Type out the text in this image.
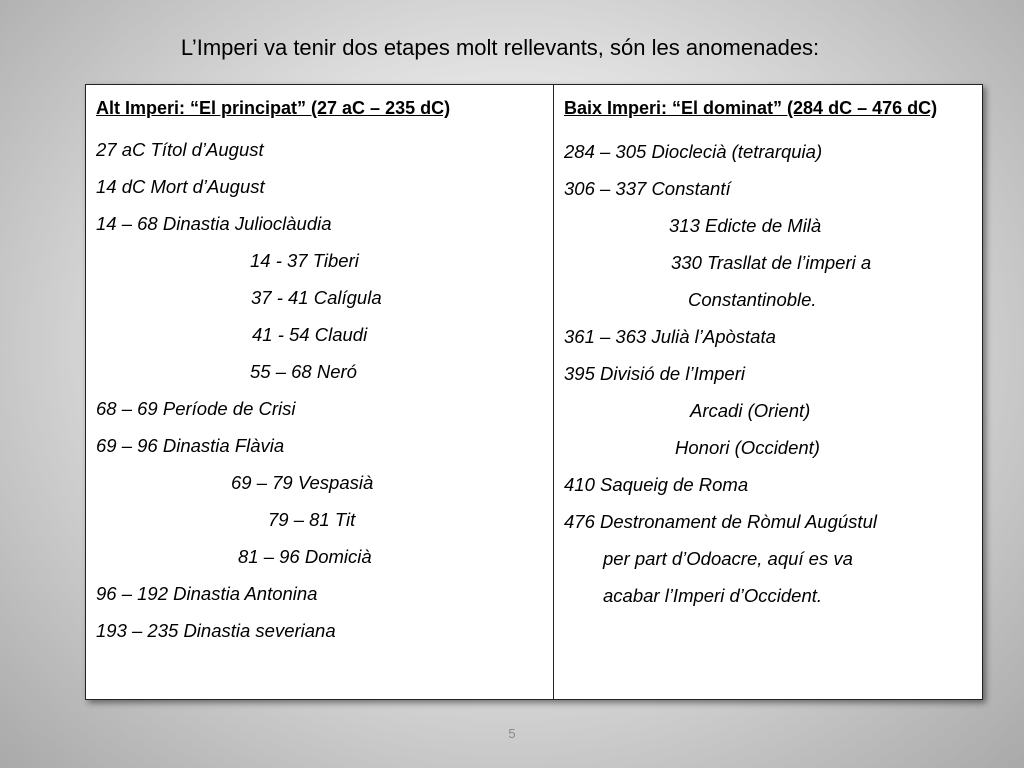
L’Imperi va tenir dos etapes molt rellevants, són les anomenades:
Alt Imperi: “El principat” (27 aC – 235 dC)
27 aC Títol d’August
14 dC Mort d’August
14 – 68 Dinastia Julioclàudia
14 - 37 Tiberi
37 - 41 Calígula
41 - 54 Claudi
55 – 68 Neró
68 – 69 Període de Crisi
69 – 96 Dinastia Flàvia
69 – 79 Vespasià
79 – 81 Tit
81 – 96 Domicià
96 – 192 Dinastia Antonina
193 – 235 Dinastia severiana
Baix Imperi: “El dominat” (284 dC – 476 dC)
284 – 305 Dioclecià (tetrarquia)
306 – 337 Constantí
313 Edicte de Milà
330 Trasllat de l’imperi a
Constantinoble.
361 – 363 Julià l’Apòstata
395 Divisió de l’Imperi
Arcadi (Orient)
Honori (Occident)
410 Saqueig de Roma
476 Destronament de Ròmul Augústul
per part d’Odoacre, aquí es va
acabar l’Imperi d’Occident.
5
